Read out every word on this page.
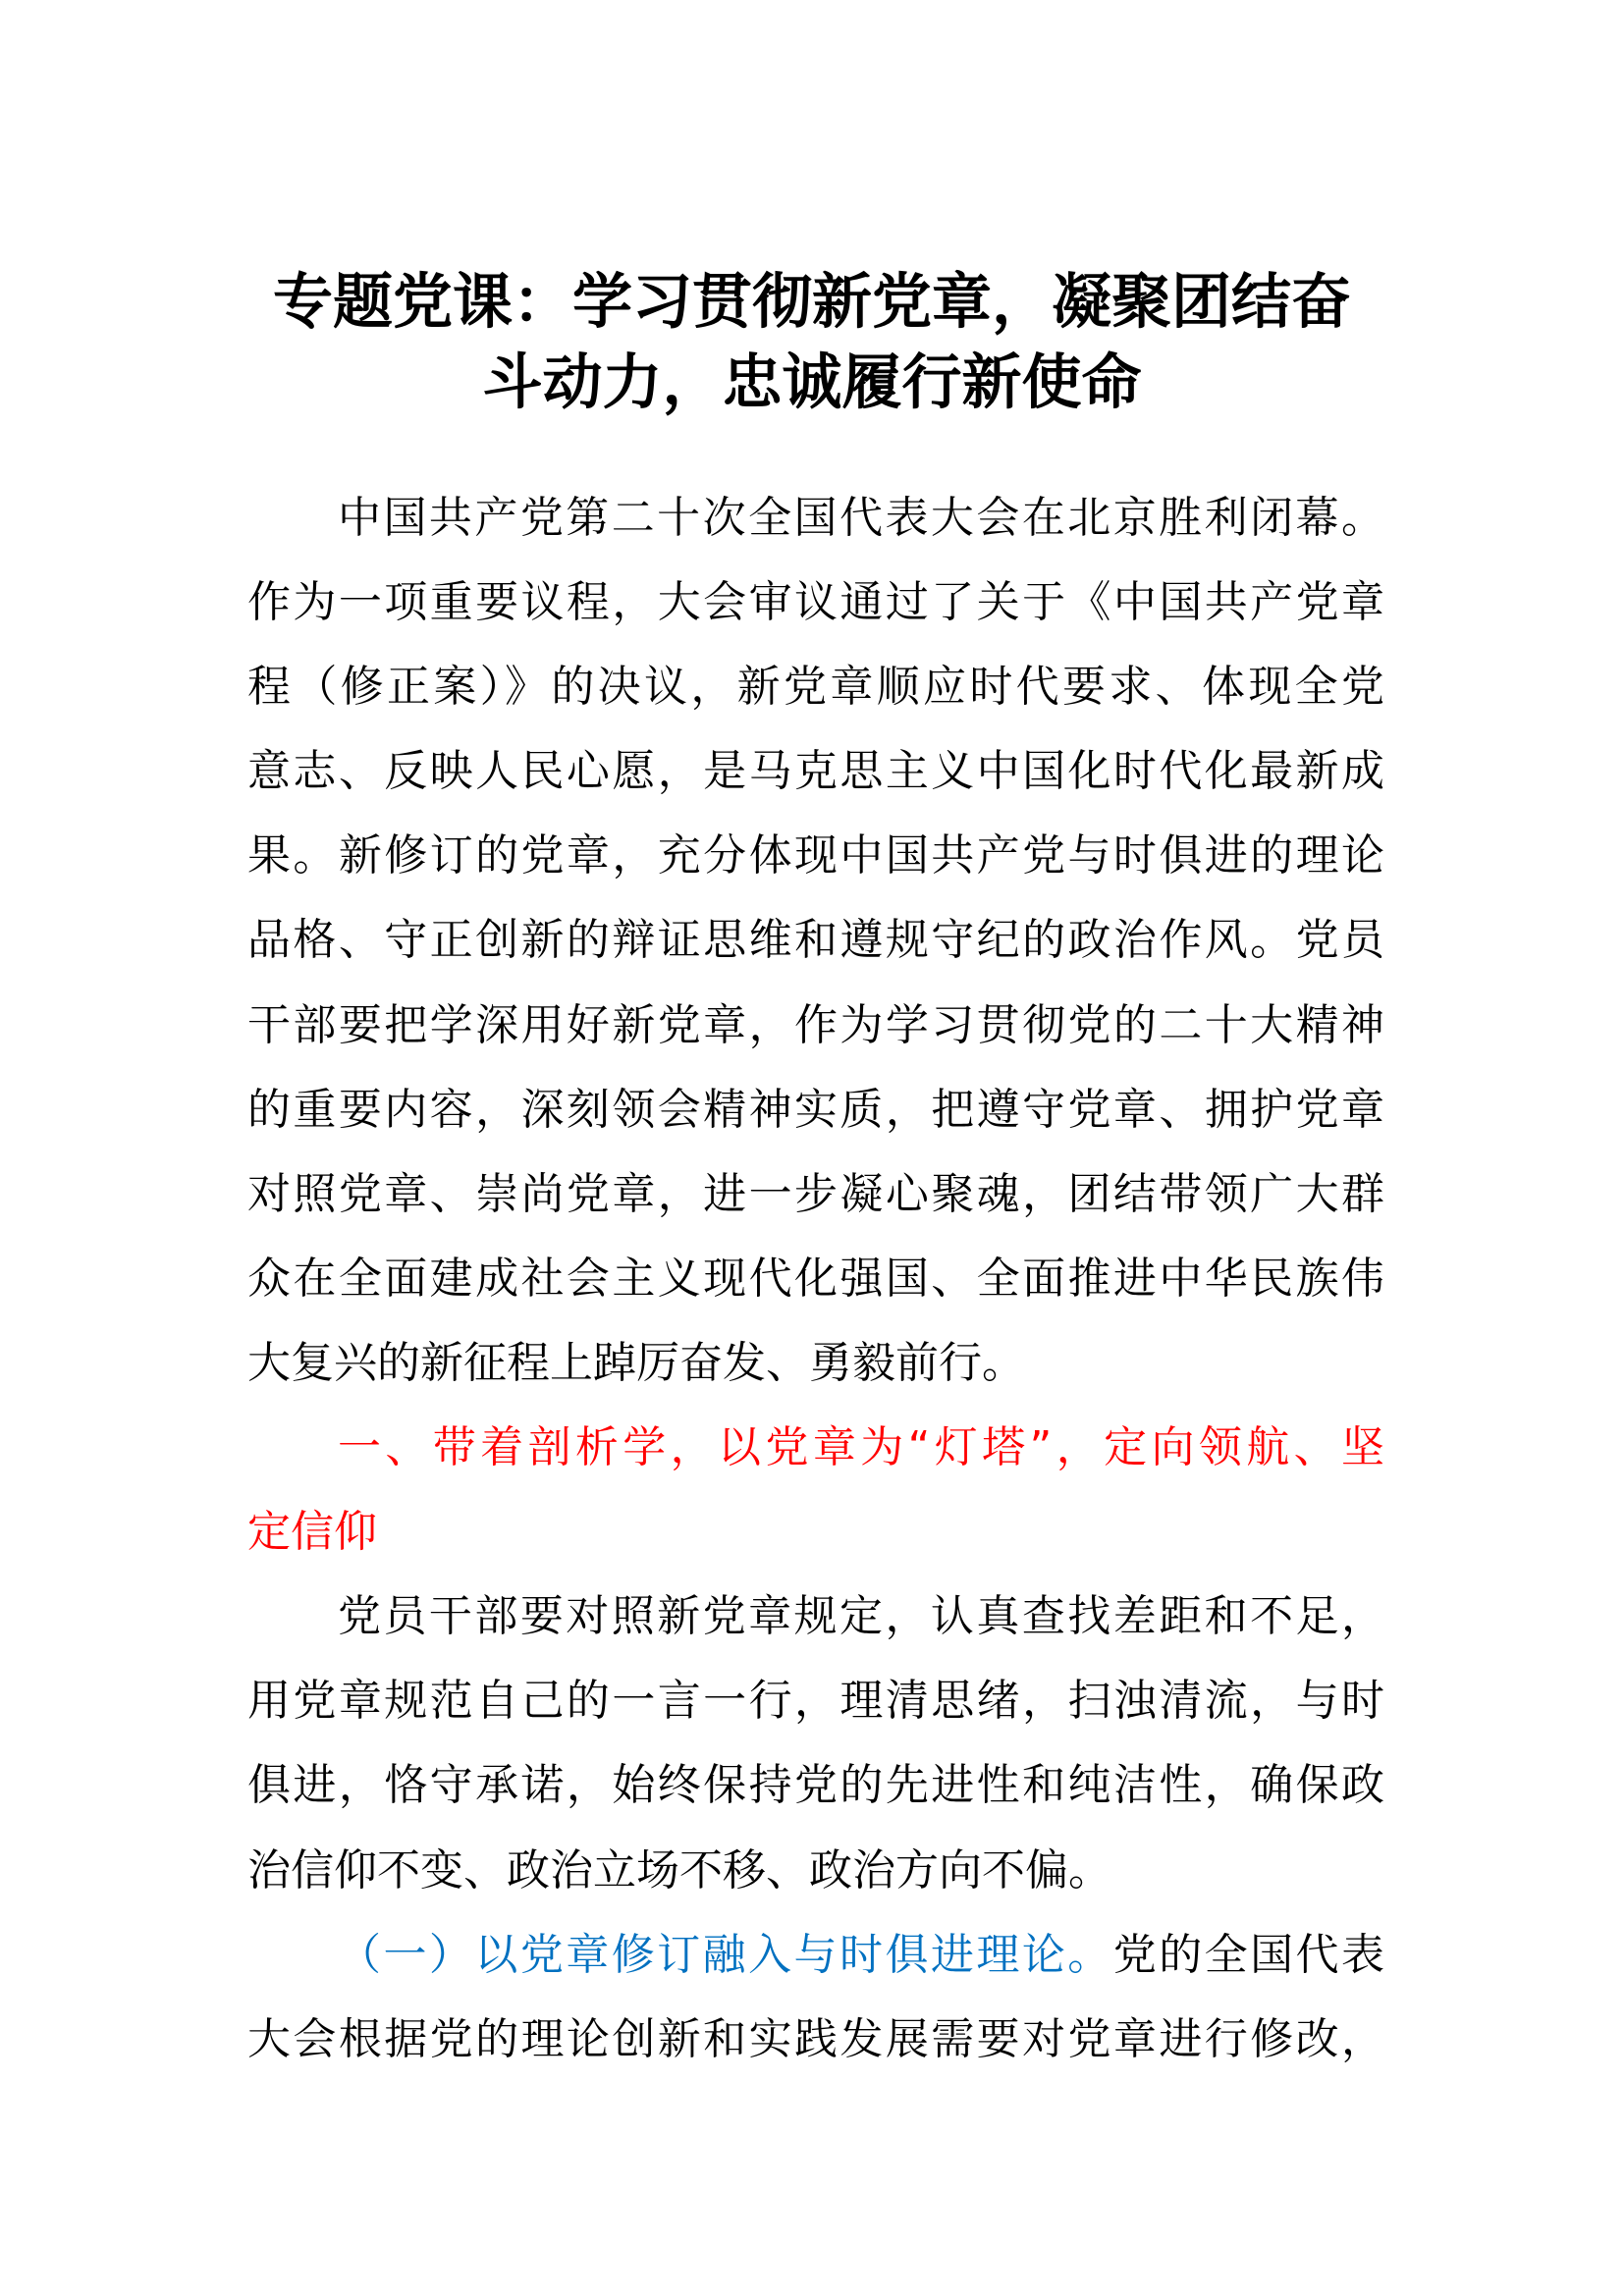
专题党课：学习贯彻新党章，凝聚团结奋
斗动力，忠诚履行新使命
中国共产党第二十次全国代表大会在北京胜利闭幕。
作为一项重要议程，大会审议通过了关于《中国共产党章
程（修正案）》的决议，新党章顺应时代要求、体现全党
意志、反映人民心愿，是马克思主义中国化时代化最新成
果。新修订的党章，充分体现中国共产党与时俱进的理论
品格、守正创新的辩证思维和遵规守纪的政治作风。党员
干部要把学深用好新党章，作为学习贯彻党的二十大精神
的重要内容，深刻领会精神实质，把遵守党章、拥护党章
对照党章、崇尚党章，进一步凝心聚魂，团结带领广大群
众在全面建成社会主义现代化强国、全面推进中华民族伟
大复兴的新征程上踔厉奋发、勇毅前行。
一、带着剖析学，以党章为“灯塔”，定向领航、坚
定信仰
党员干部要对照新党章规定，认真查找差距和不足，
用党章规范自己的一言一行，理清思绪，扫浊清流，与时
俱进，恪守承诺，始终保持党的先进性和纯洁性，确保政
治信仰不变、政治立场不移、政治方向不偏。
（一）以党章修订融入与时俱进理论。党的全国代表
大会根据党的理论创新和实践发展需要对党章进行修改，
